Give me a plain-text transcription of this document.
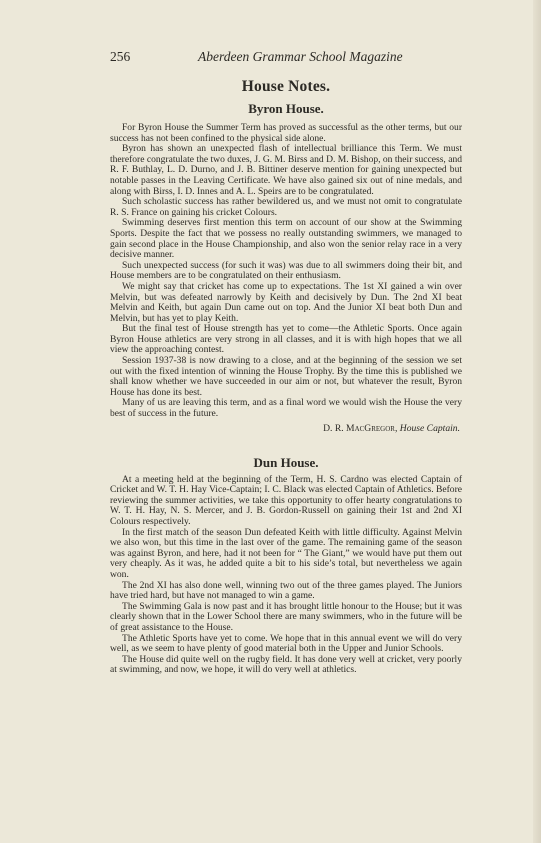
256	Aberdeen Grammar School Magazine
House Notes.
Byron House.

For Byron House the Summer Term has proved as successful as the other terms, but our success has not been confined to the physical side alone.

Byron has shown an unexpected flash of intellectual brilliance this Term. We must therefore congratulate the two duxes, J. G. M. Birss and D. M. Bishop, on their success, and R. F. Buthlay, L. D. Durno, and J. B. Bittiner deserve mention for gaining unexpected but notable passes in the Leaving Certificate. We have also gained six out of nine medals, and along with Birss, I. D. Innes and A. L. Speirs are to be congratulated.

Such scholastic success has rather bewildered us, and we must not omit to congratulate R. S. France on gaining his cricket Colours.

Swimming deserves first mention this term on account of our show at the Swimming Sports. Despite the fact that we possess no really outstanding swimmers, we managed to gain second place in the House Championship, and also won the senior relay race in a very decisive manner.

Such unexpected success (for such it was) was due to all swimmers doing their bit, and House members are to be congratulated on their enthusiasm.

We might say that cricket has come up to expectations. The 1st XI gained a win over Melvin, but was defeated narrowly by Keith and decisively by Dun. The 2nd XI beat Melvin and Keith, but again Dun came out on top. And the Junior XI beat both Dun and Melvin, but has yet to play Keith.

But the final test of House strength has yet to come—the Athletic Sports. Once again Byron House athletics are very strong in all classes, and it is with high hopes that we all view the approaching contest.

Session 1937-38 is now drawing to a close, and at the beginning of the session we set out with the fixed intention of winning the House Trophy. By the time this is published we shall know whether we have succeeded in our aim or not, but whatever the result, Byron House has done its best.

Many of us are leaving this term, and as a final word we would wish the House the very best of success in the future.

D. R. MacGregor, House Captain.
Dun House.

At a meeting held at the beginning of the Term, H. S. Cardno was elected Captain of Cricket and W. T. H. Hay Vice-Captain; I. C. Black was elected Captain of Athletics. Before reviewing the summer activities, we take this opportunity to offer hearty congratulations to W. T. H. Hay, N. S. Mercer, and J. B. Gordon-Russell on gaining their 1st and 2nd XI Colours respectively.

In the first match of the season Dun defeated Keith with little difficulty. Against Melvin we also won, but this time in the last over of the game. The remaining game of the season was against Byron, and here, had it not been for “ The Giant,” we would have put them out very cheaply. As it was, he added quite a bit to his side’s total, but nevertheless we again won.

The 2nd XI has also done well, winning two out of the three games played. The Juniors have tried hard, but have not managed to win a game.

The Swimming Gala is now past and it has brought little honour to the House; but it was clearly shown that in the Lower School there are many swimmers, who in the future will be of great assistance to the House.

The Athletic Sports have yet to come. We hope that in this annual event we will do very well, as we seem to have plenty of good material both in the Upper and Junior Schools.

The House did quite well on the rugby field. It has done very well at cricket, very poorly at swimming, and now, we hope, it will do very well at athletics.
